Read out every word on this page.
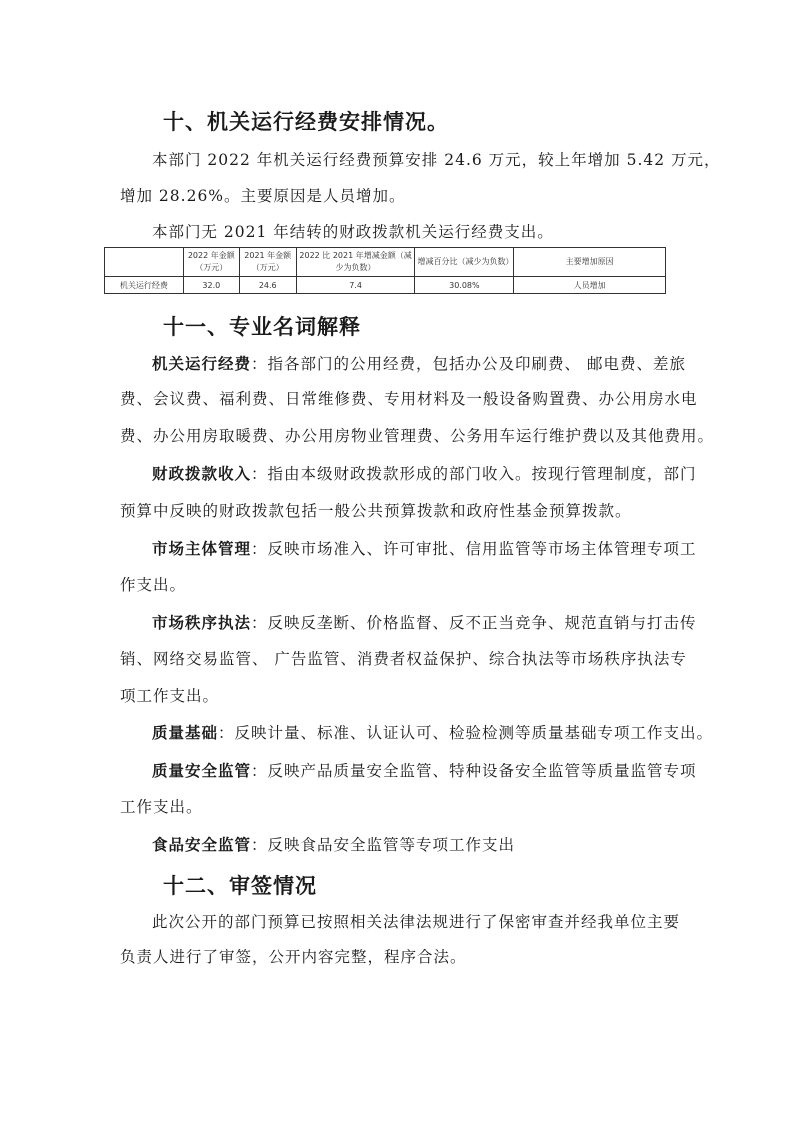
十、机关运行经费安排情况。
本部门 2022 年机关运行经费预算安排 24.6 万元，较上年增加 5.42 万元，
增加 28.26%。主要原因是人员增加。
本部门无 2021 年结转的财政拨款机关运行经费支出。
	2022 年金额（万元）	2021 年金额（万元）	2022 比 2021 年增减金额（减少为负数）	增减百分比（减少为负数）	主要增加原因
机关运行经费	32.0	24.6	7.4	30.08%	人员增加
十一、专业名词解释
机关运行经费：指各部门的公用经费，包括办公及印刷费、 邮电费、差旅
费、会议费、福利费、日常维修费、专用材料及一般设备购置费、办公用房水电
费、办公用房取暖费、办公用房物业管理费、公务用车运行维护费以及其他费用。
财政拨款收入：指由本级财政拨款形成的部门收入。按现行管理制度，部门
预算中反映的财政拨款包括一般公共预算拨款和政府性基金预算拨款。
市场主体管理：反映市场准入、许可审批、信用监管等市场主体管理专项工
作支出。
市场秩序执法：反映反垄断、价格监督、反不正当竞争、规范直销与打击传
销、网络交易监管、 广告监管、消费者权益保护、综合执法等市场秩序执法专
项工作支出。
质量基础：反映计量、标准、认证认可、检验检测等质量基础专项工作支出。
质量安全监管：反映产品质量安全监管、特种设备安全监管等质量监管专项
工作支出。
食品安全监管：反映食品安全监管等专项工作支出
十二、审签情况
此次公开的部门预算已按照相关法律法规进行了保密审查并经我单位主要
负责人进行了审签，公开内容完整，程序合法。
